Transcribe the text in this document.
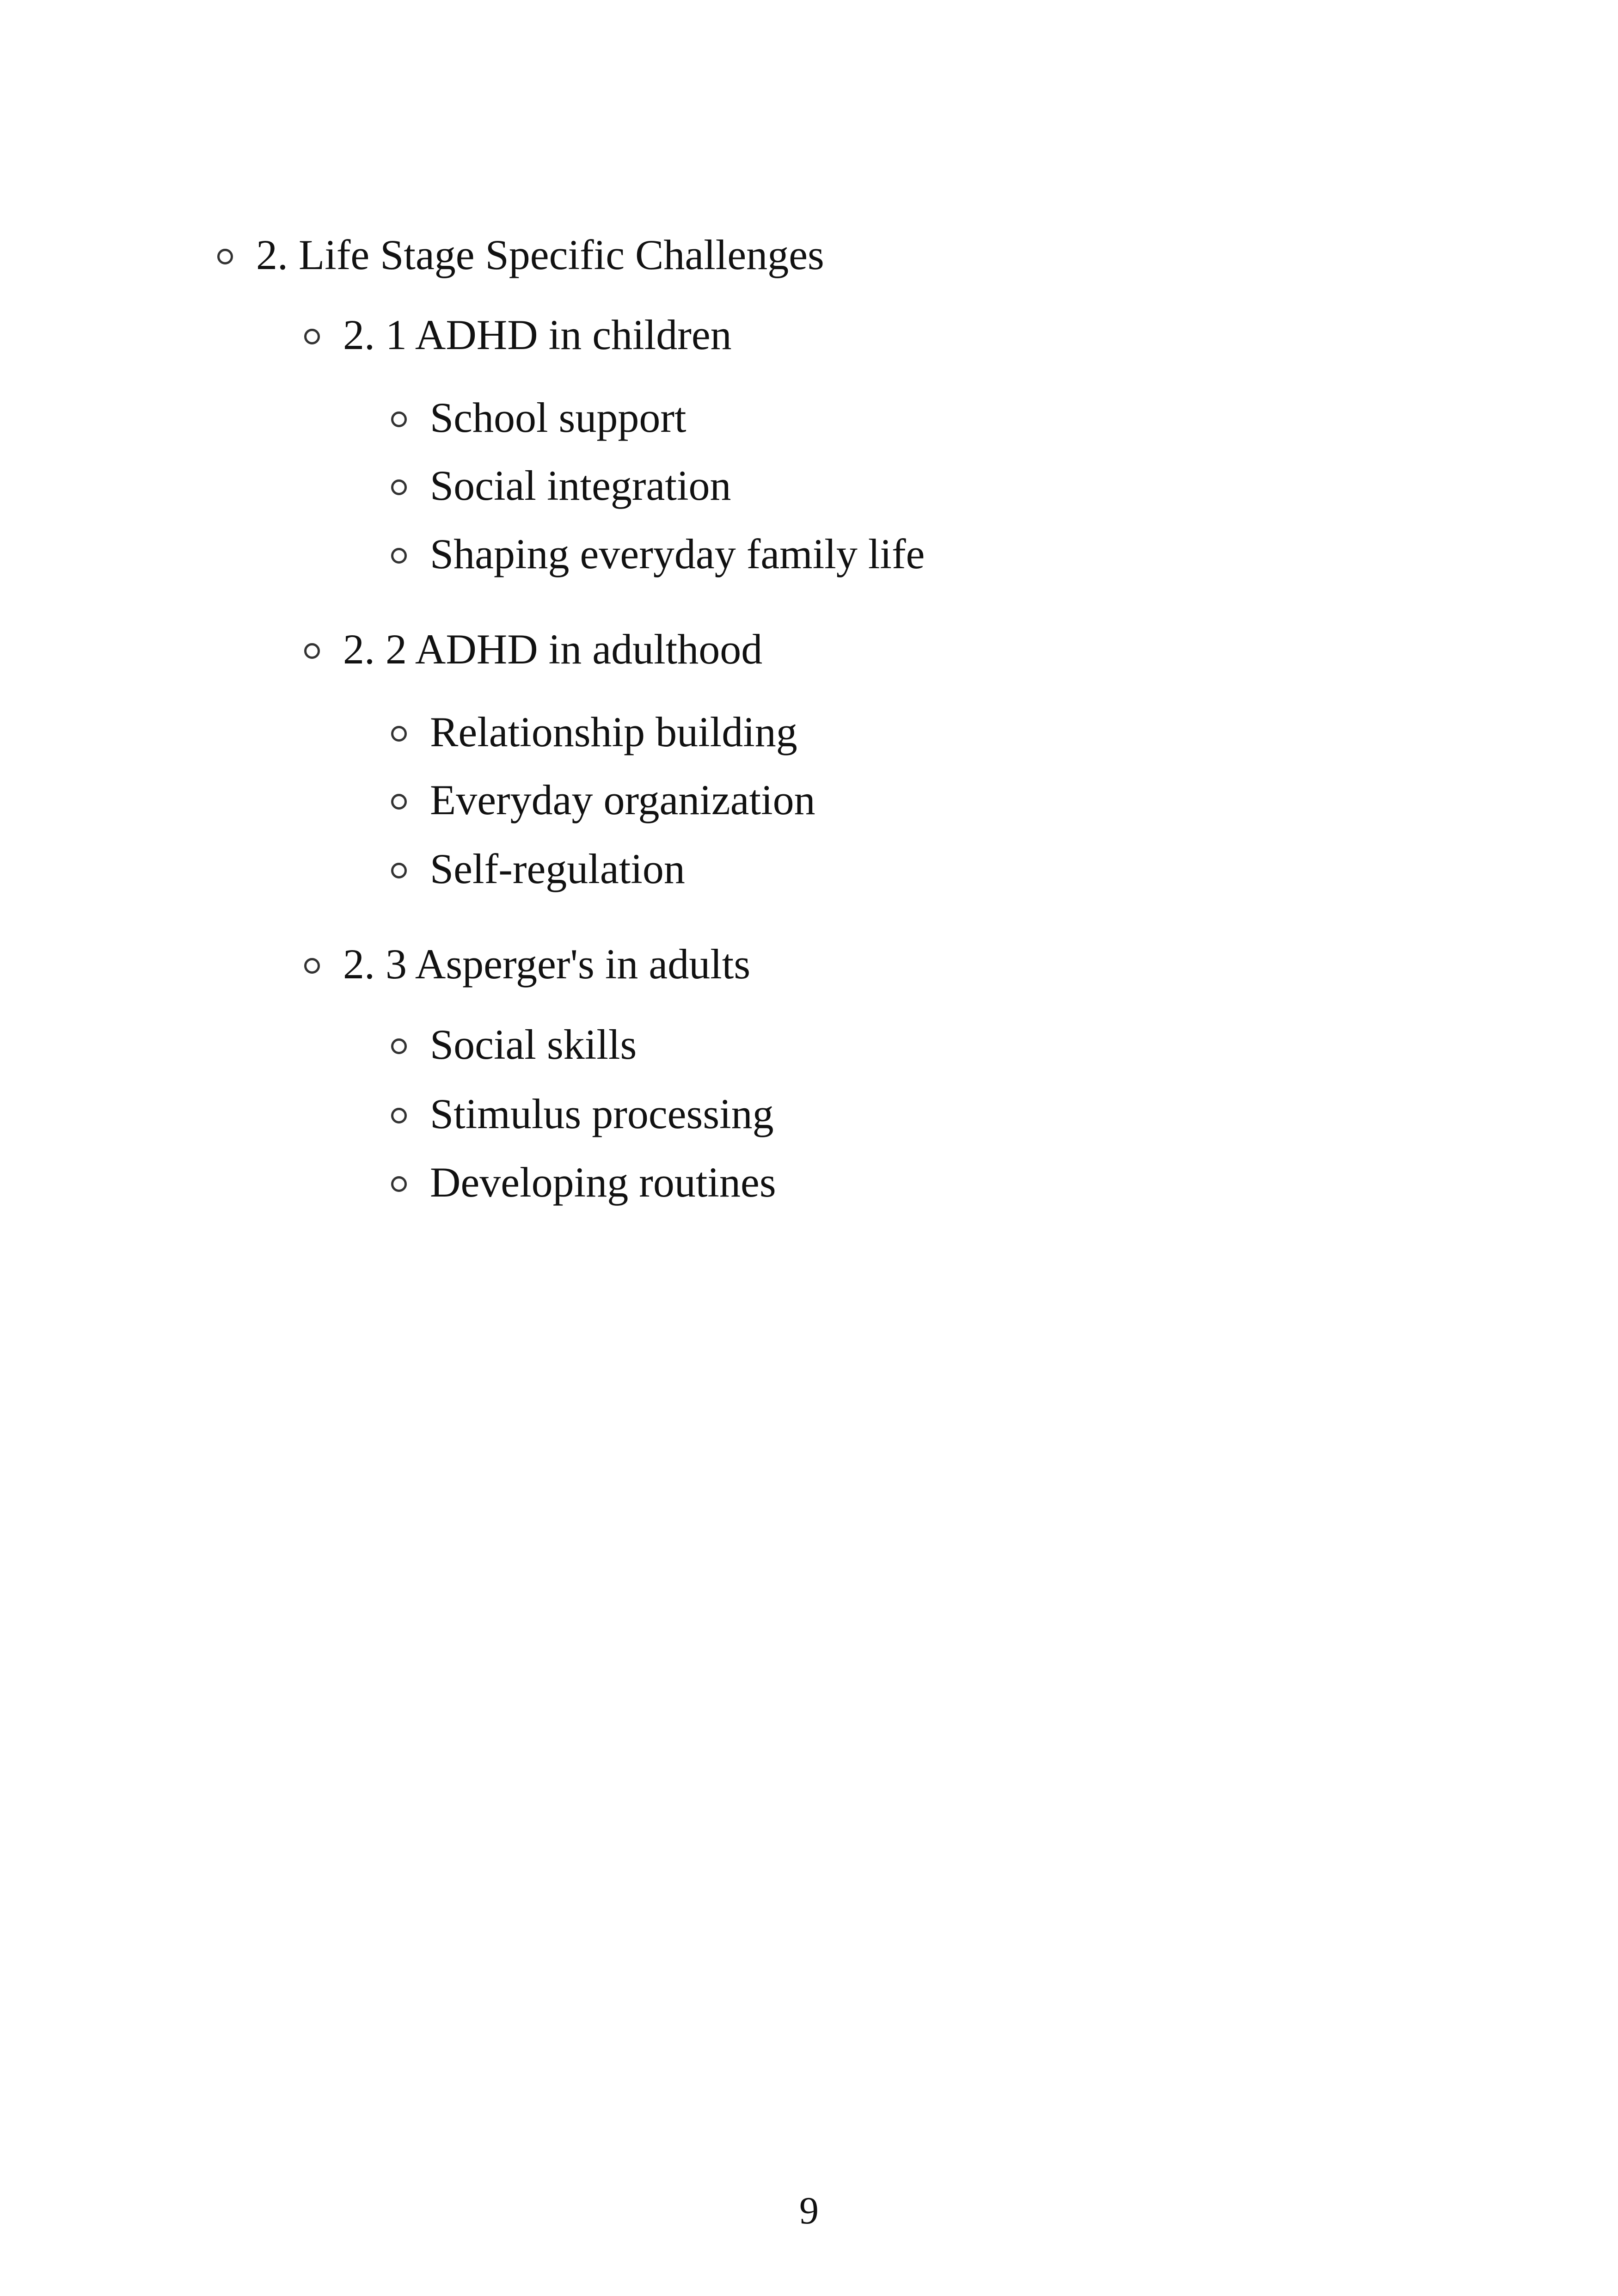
2. Life Stage Specific Challenges
2. 1 ADHD in children
School support
Social integration
Shaping everyday family life
2. 2 ADHD in adulthood
Relationship building
Everyday organization
Self-regulation
2. 3 Asperger's in adults
Social skills
Stimulus processing
Developing routines
9
